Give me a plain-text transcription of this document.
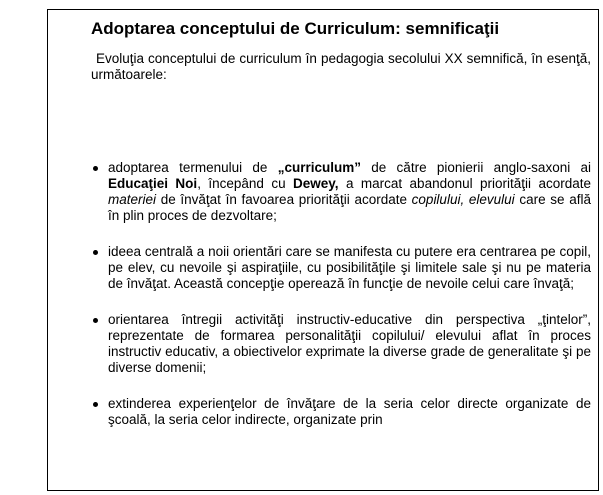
Adoptarea conceptului de Curriculum: semnificaţii

Evoluţia conceptului de curriculum în pedagogia secolului XX semnifică, în esenţă, următoarele:

adoptarea termenului de „curriculum” de către pionierii anglo-saxoni ai Educaţiei Noi, începând cu Dewey, a marcat abandonul priorităţii acordate materiei de învăţat în favoarea priorităţii acordate copilului, elevului care se află în plin proces de dezvoltare;
ideea centrală a noii orientări care se manifesta cu putere era centrarea pe copil, pe elev, cu nevoile şi aspiraţiile, cu posibilităţile şi limitele sale şi nu pe materia de învăţat. Această concepţie operează în funcţie de nevoile celui care învaţă;
orientarea întregii activităţi instructiv-educative din perspectiva „ţintelor”, reprezentate de formarea personalităţii copilului/ elevului aflat în proces instructiv educativ, a obiectivelor exprimate la diverse grade de generalitate şi pe diverse domenii;
extinderea experienţelor de învăţare de la seria celor directe organizate de şcoală, la seria celor indirecte, organizate prin
